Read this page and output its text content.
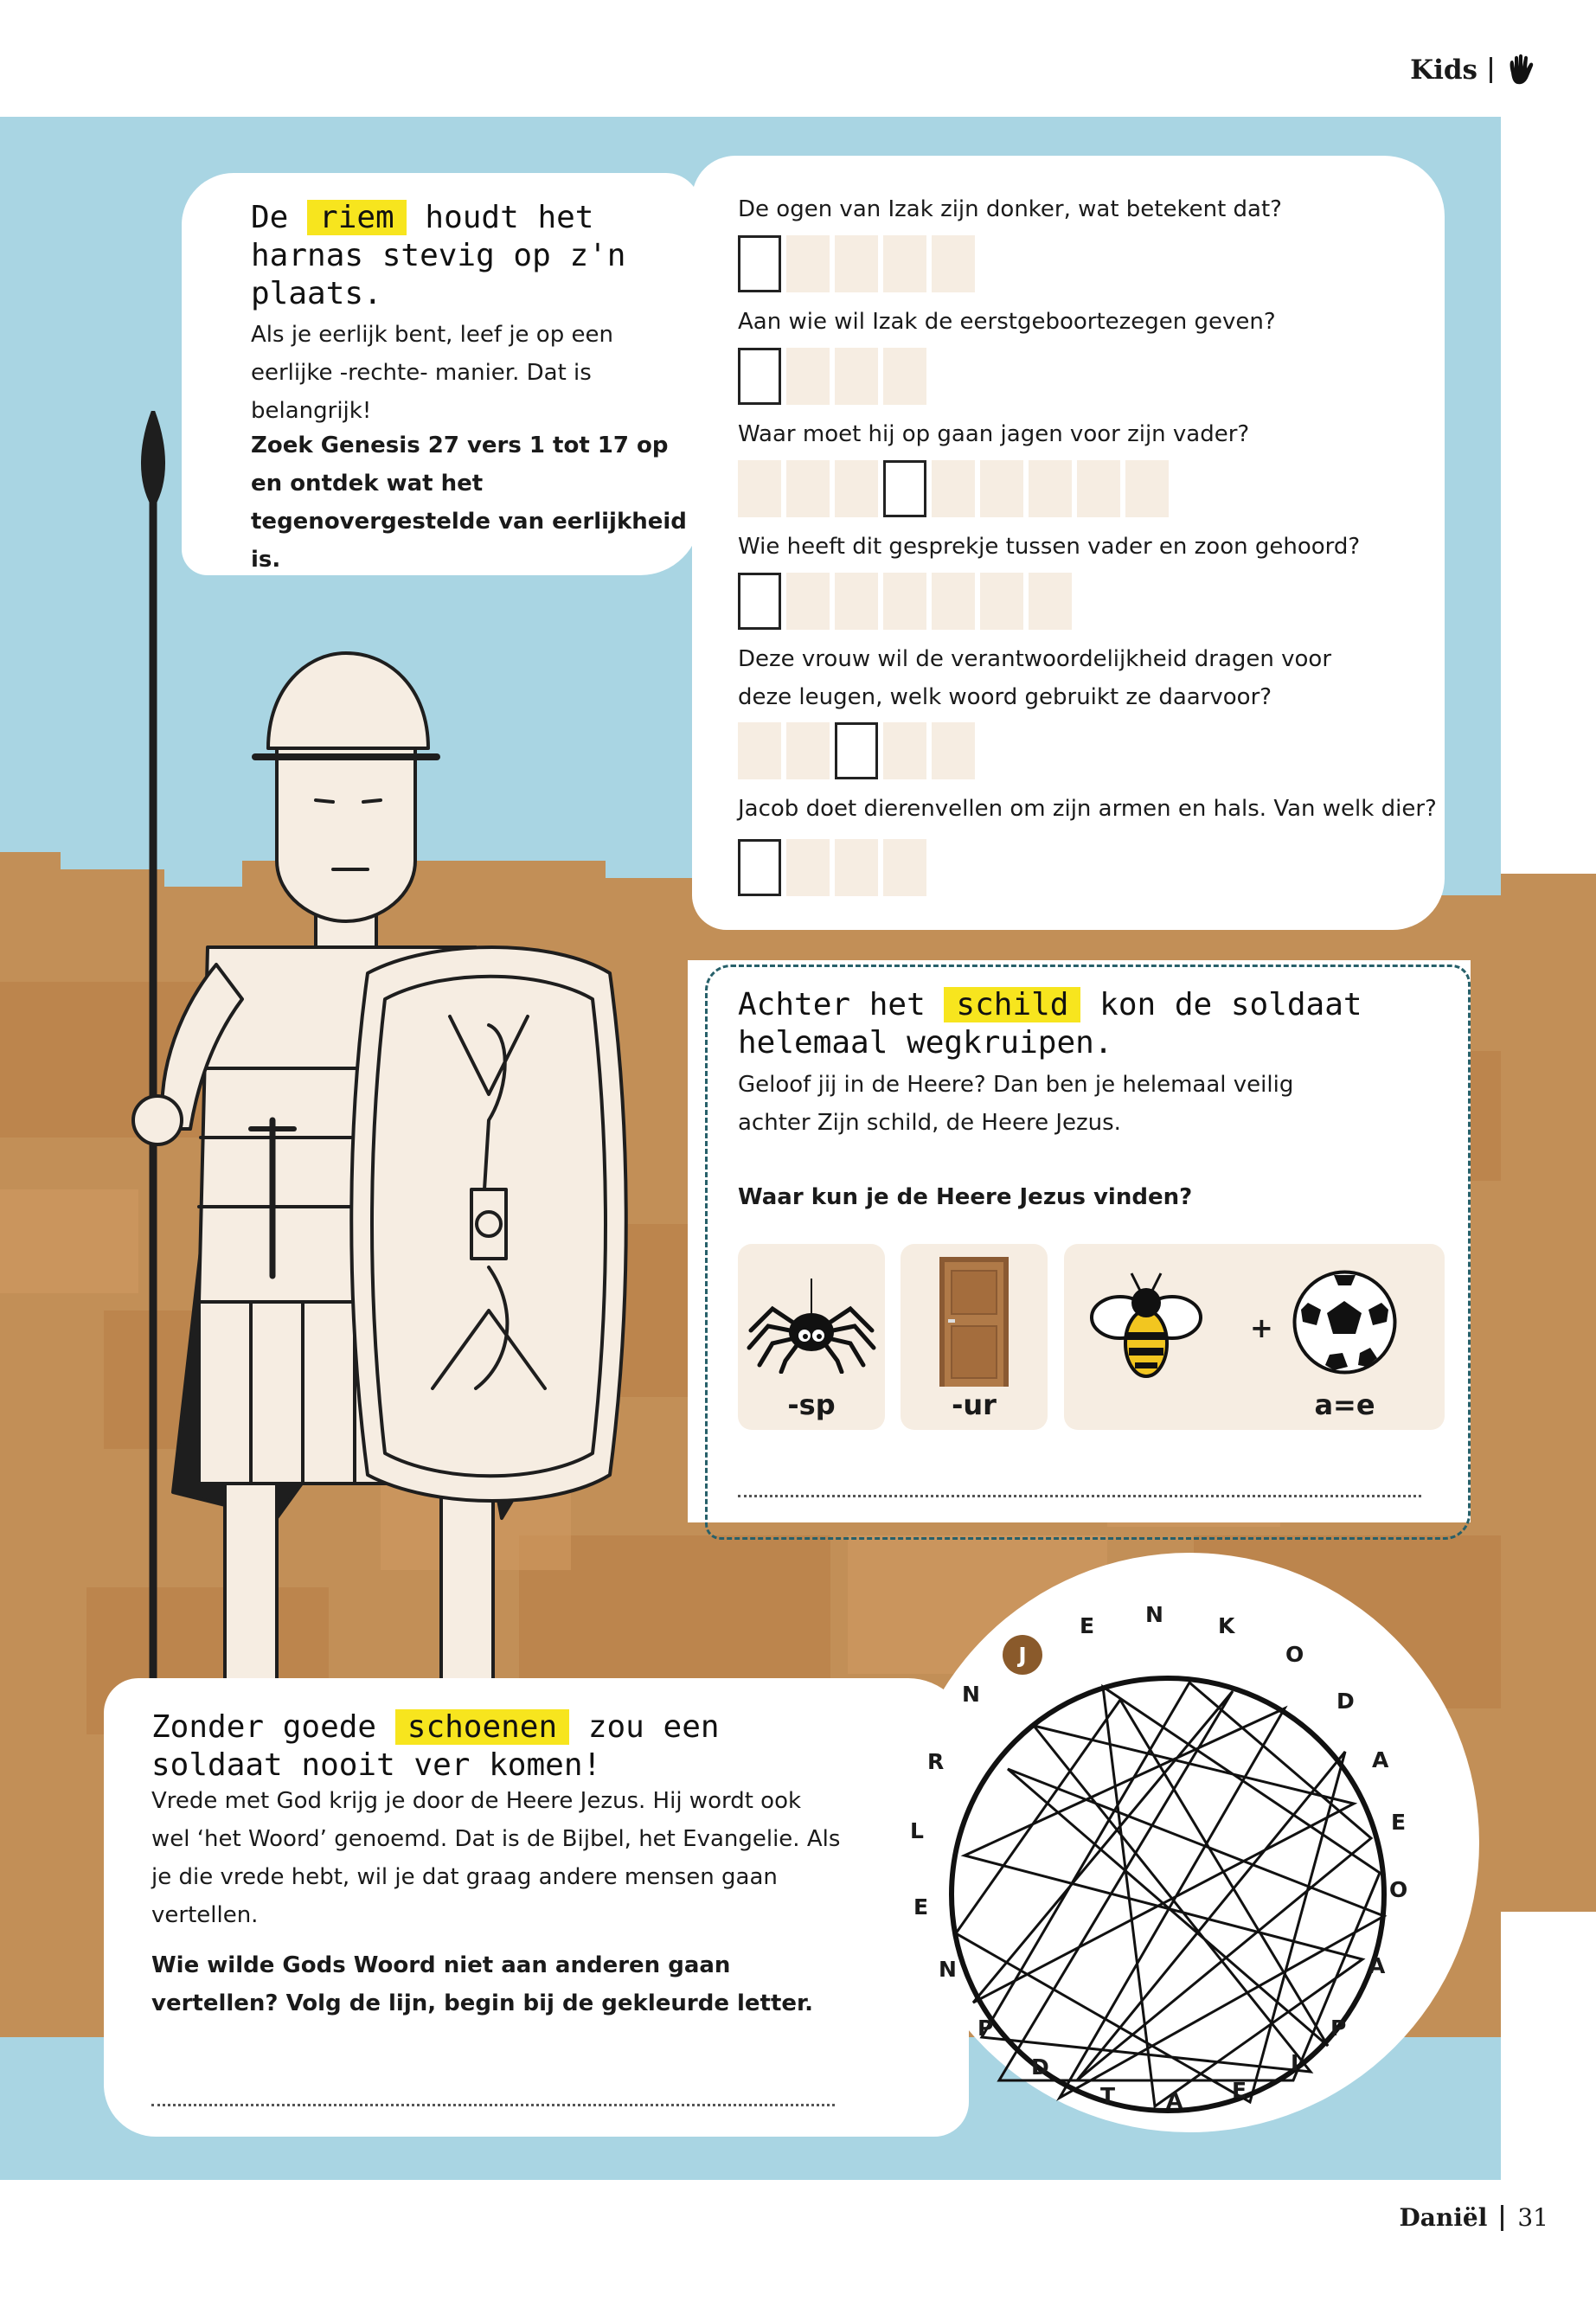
Kids
De riem houdt het harnas stevig op z'n plaats.
Als je eerlijk bent, leef je op een eerlijke -rechte- manier. Dat is belangrijk!
Zoek Genesis 27 vers 1 tot 17 op en ontdek wat het tegenovergestelde van eerlijkheid is.
De ogen van Izak zijn donker, wat betekent dat?
Aan wie wil Izak de eerstgeboortezegen geven?
Waar moet hij op gaan jagen voor zijn vader?
Wie heeft dit gesprekje tussen vader en zoon gehoord?
Deze vrouw wil de verantwoordelijkheid dragen voor deze leugen, welk woord gebruikt ze daarvoor?
Jacob doet dierenvellen om zijn armen en hals. Van welk dier?
Achter het schild kon de soldaat helemaal wegkruipen.
Geloof jij in de Heere? Dan ben je helemaal veilig achter Zijn schild, de Heere Jezus.
Waar kun je de Heere Jezus vinden?
-sp	-ur
+
a=e
Zonder goede schoenen zou een soldaat nooit ver komen!
Vrede met God krijg je door de Heere Jezus. Hij wordt ook wel ‘het Woord’ genoemd. Dat is de Bijbel, het Evangelie. Als je die vrede hebt, wil je dat graag andere mensen gaan vertellen.
Wie wilde Gods Woord niet aan anderen gaan vertellen? Volg de lijn, begin bij de gekleurde letter.
J
E N	K
O
D
A
E
O
A
P
I
E
A
T
D
P
N
E
L
R
N
Daniël 31
